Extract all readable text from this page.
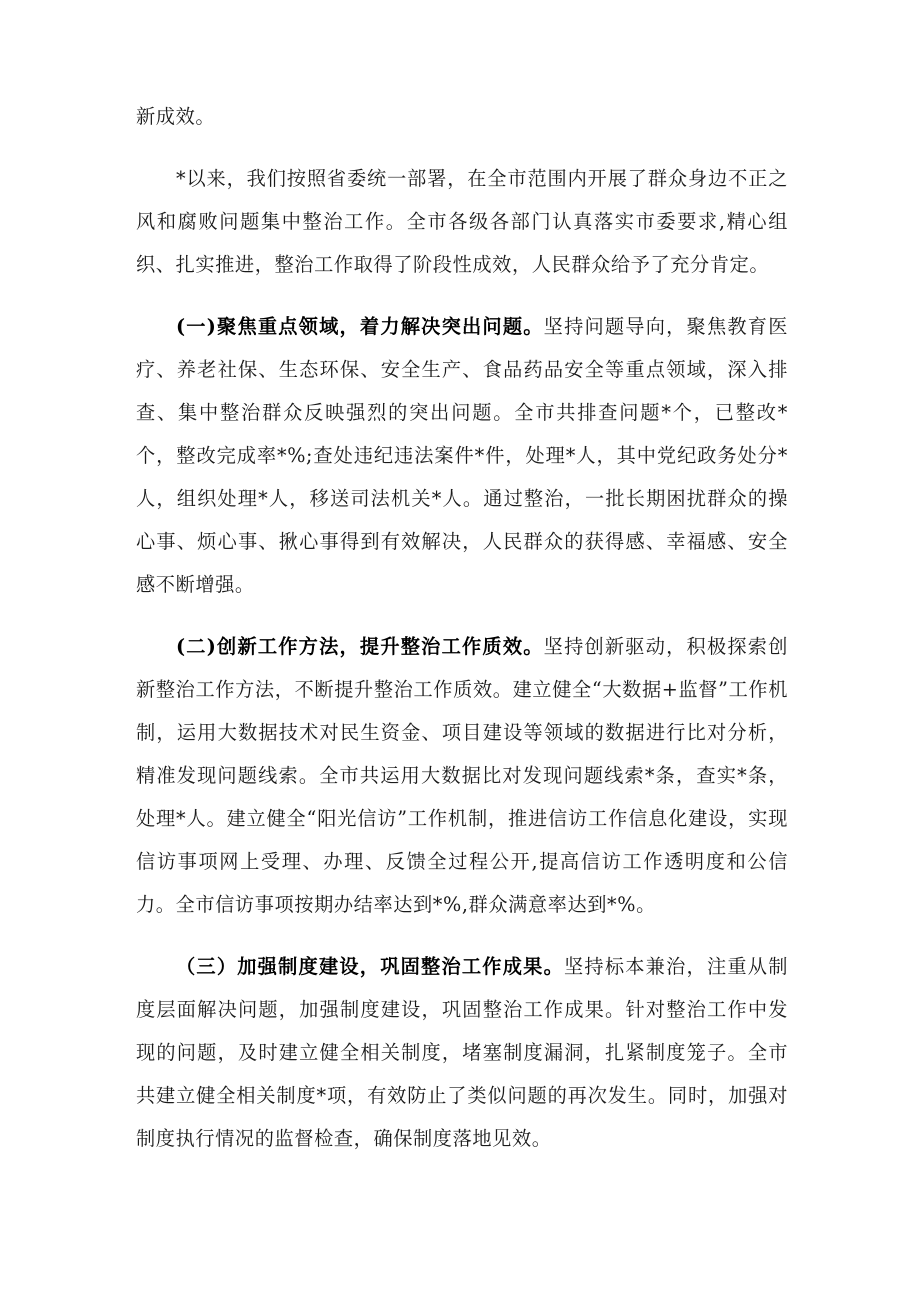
新成效。

*以来，我们按照省委统一部署，在全市范围内开展了群众身边不正之风和腐败问题集中整治工作。全市各级各部门认真落实市委要求,精心组织、扎实推进，整治工作取得了阶段性成效，人民群众给予了充分肯定。

(一)聚焦重点领域，着力解决突出问题。坚持问题导向，聚焦教育医疗、养老社保、生态环保、安全生产、食品药品安全等重点领域，深入排查、集中整治群众反映强烈的突出问题。全市共排查问题*个，已整改*个，整改完成率*%;查处违纪违法案件*件，处理*人，其中党纪政务处分*人，组织处理*人，移送司法机关*人。通过整治，一批长期困扰群众的操心事、烦心事、揪心事得到有效解决，人民群众的获得感、幸福感、安全感不断增强。

(二)创新工作方法，提升整治工作质效。坚持创新驱动，积极探索创新整治工作方法，不断提升整治工作质效。建立健全“大数据+监督”工作机制，运用大数据技术对民生资金、项目建设等领域的数据进行比对分析，精准发现问题线索。全市共运用大数据比对发现问题线索*条，查实*条，处理*人。建立健全“阳光信访”工作机制，推进信访工作信息化建设，实现信访事项网上受理、办理、反馈全过程公开,提高信访工作透明度和公信力。全市信访事项按期办结率达到*%,群众满意率达到*%。

（三）加强制度建设，巩固整治工作成果。坚持标本兼治，注重从制度层面解决问题，加强制度建设，巩固整治工作成果。针对整治工作中发现的问题，及时建立健全相关制度，堵塞制度漏洞，扎紧制度笼子。全市共建立健全相关制度*项，有效防止了类似问题的再次发生。同时，加强对制度执行情况的监督检查，确保制度落地见效。
